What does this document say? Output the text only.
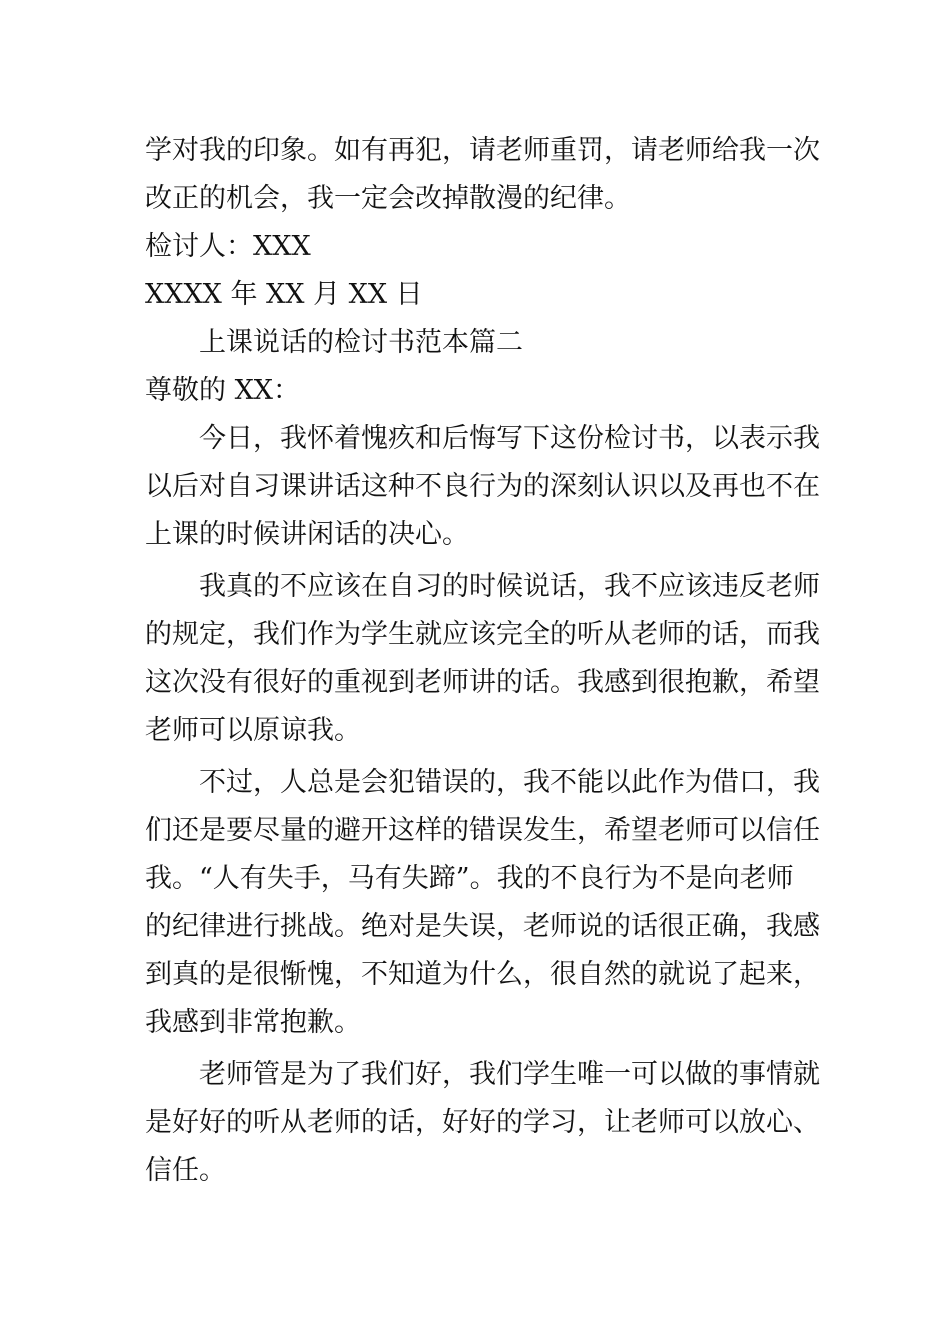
学对我的印象。如有再犯，请老师重罚，请老师给我一次
改正的机会，我一定会改掉散漫的纪律。
检讨人：XXX
XXXX 年 XX 月 XX 日
上课说话的检讨书范本篇二
尊敬的 XX：
今日，我怀着愧疚和后悔写下这份检讨书，以表示我
以后对自习课讲话这种不良行为的深刻认识以及再也不在
上课的时候讲闲话的决心。
我真的不应该在自习的时候说话，我不应该违反老师
的规定，我们作为学生就应该完全的听从老师的话，而我
这次没有很好的重视到老师讲的话。我感到很抱歉，希望
老师可以原谅我。
不过，人总是会犯错误的，我不能以此作为借口，我
们还是要尽量的避开这样的错误发生，希望老师可以信任
我。“人有失手，马有失蹄”。我的不良行为不是向老师
的纪律进行挑战。绝对是失误，老师说的话很正确，我感
到真的是很惭愧，不知道为什么，很自然的就说了起来，
我感到非常抱歉。
老师管是为了我们好，我们学生唯一可以做的事情就
是好好的听从老师的话，好好的学习，让老师可以放心、
信任。
